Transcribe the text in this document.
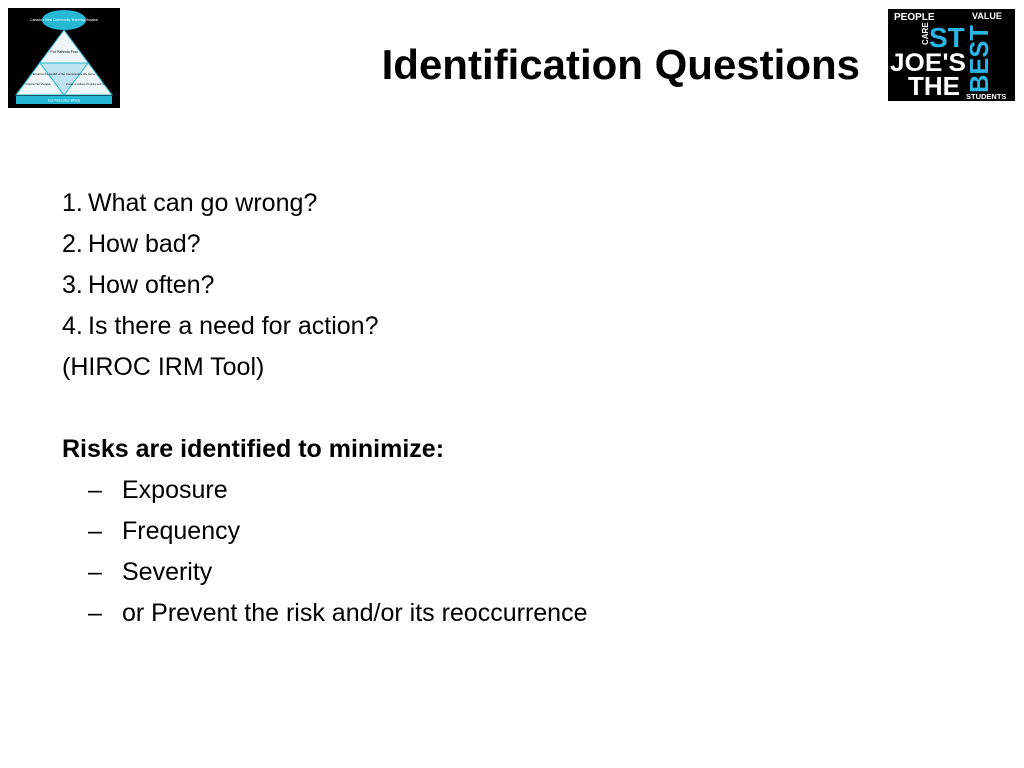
Canada's Best Community Teaching Hospital
Put Patients First
Enhance the Health of the Communities We Serve
Inspire Our People	Create a Culture of Inquiry and Innovation
Use Resources Wisely
Identification Questions
PEOPLE	VALUE
CARE ST
JOE'S
THE BEST
STUDENTS
1. What can go wrong?
2. How bad?
3. How often?
4. Is there a need for action?
(HIROC IRM Tool)
Risks are identified to minimize:
– Exposure
– Frequency
– Severity
– or Prevent the risk and/or its reoccurrence
